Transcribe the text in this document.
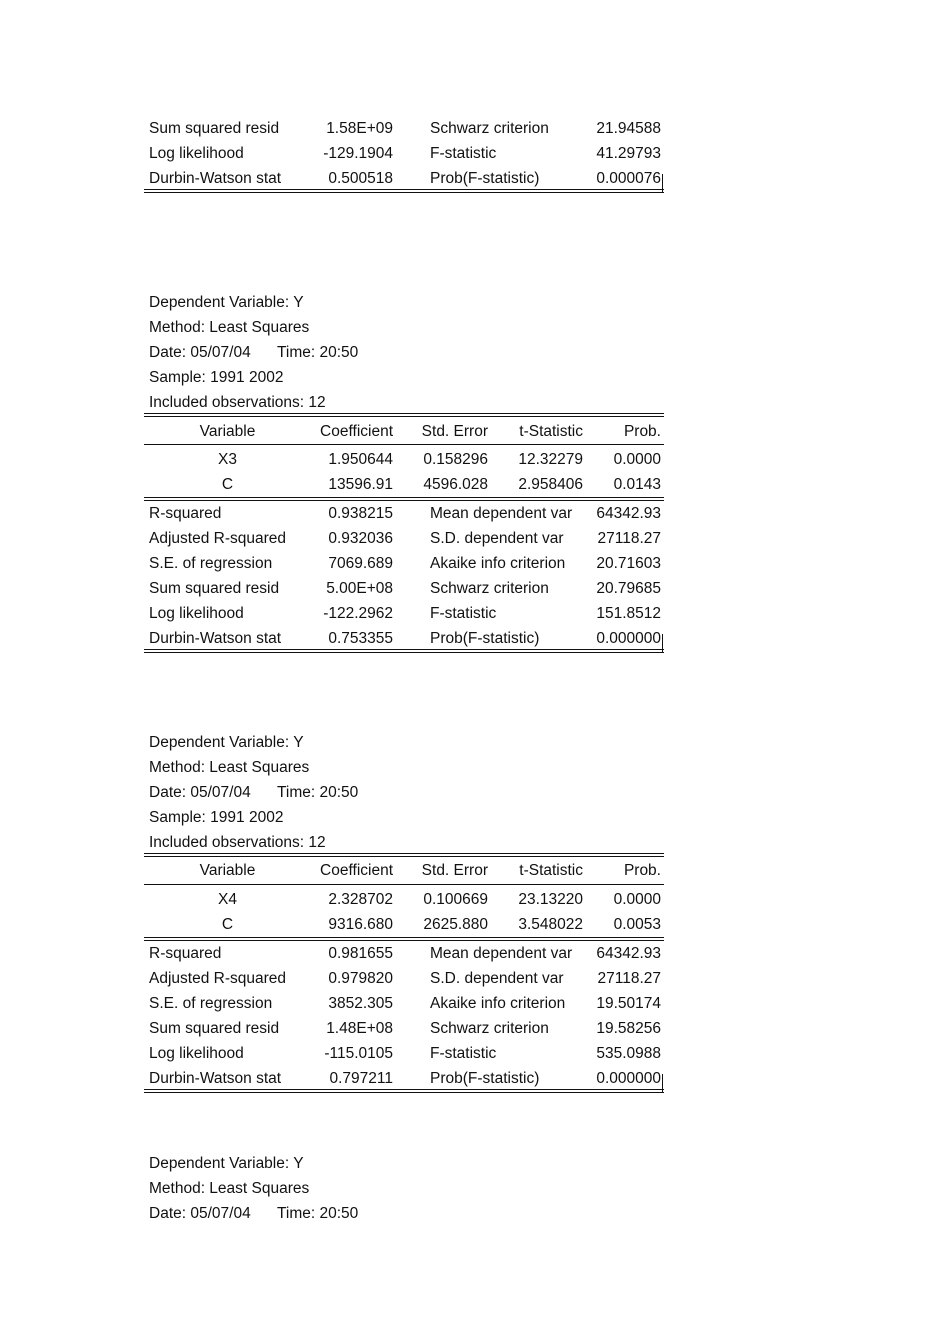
Sum squared resid	1.58E+09 Schwarz criterion	21.94588
Log likelihood	-129.1904 F-statistic	41.29793
Durbin-Watson stat	0.500518 Prob(F-statistic)	0.000076
Dependent Variable: Y
Method: Least Squares
Date: 05/07/04 Time: 20:50
Sample: 1991 2002
Included observations: 12
Variable	Coefficient	Std. Error	t-Statistic	Prob.
X3	1.950644	0.158296	12.32279	0.0000
C	13596.91	4596.028	2.958406	0.0143
R-squared	0.938215 Mean dependent var	64342.93
Adjusted R-squared	0.932036 S.D. dependent var	27118.27
S.E. of regression	7069.689 Akaike info criterion	20.71603
Sum squared resid	5.00E+08 Schwarz criterion	20.79685
Log likelihood	-122.2962 F-statistic	151.8512
Durbin-Watson stat	0.753355 Prob(F-statistic)	0.000000
Dependent Variable: Y
Method: Least Squares
Date: 05/07/04 Time: 20:50
Sample: 1991 2002
Included observations: 12
Variable	Coefficient	Std. Error	t-Statistic	Prob.
X4	2.328702	0.100669	23.13220	0.0000
C	9316.680	2625.880	3.548022	0.0053
R-squared	0.981655 Mean dependent var	64342.93
Adjusted R-squared	0.979820 S.D. dependent var	27118.27
S.E. of regression	3852.305 Akaike info criterion	19.50174
Sum squared resid	1.48E+08 Schwarz criterion	19.58256
Log likelihood	-115.0105 F-statistic	535.0988
Durbin-Watson stat	0.797211 Prob(F-statistic)	0.000000
Dependent Variable: Y
Method: Least Squares
Date: 05/07/04 Time: 20:50
